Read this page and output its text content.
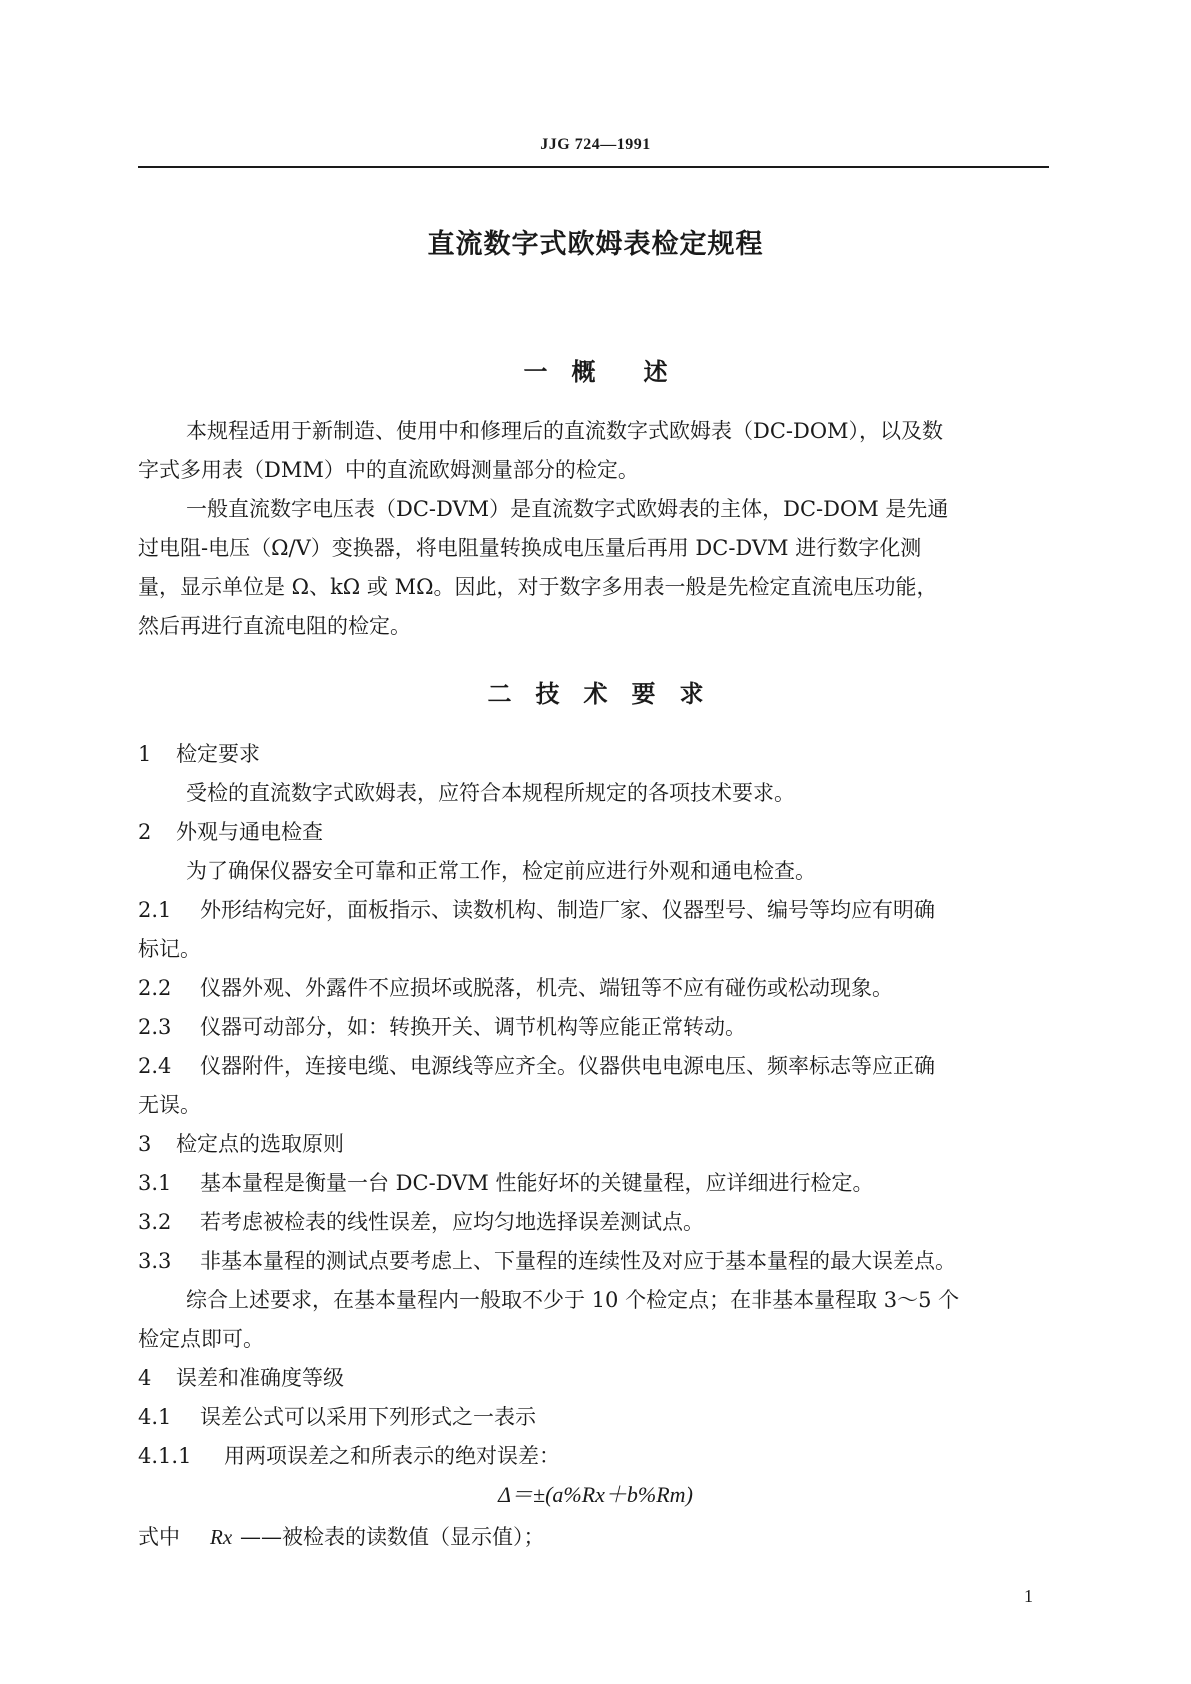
JJG 724—1991
直流数字式欧姆表检定规程
一　概　　述
本规程适用于新制造、使用中和修理后的直流数字式欧姆表（DC-DOM），以及数
字式多用表（DMM）中的直流欧姆测量部分的检定。
一般直流数字电压表（DC-DVM）是直流数字式欧姆表的主体，DC-DOM 是先通
过电阻-电压（Ω/V）变换器，将电阻量转换成电压量后再用 DC-DVM 进行数字化测
量，显示单位是 Ω、kΩ 或 MΩ。因此，对于数字多用表一般是先检定直流电压功能，
然后再进行直流电阻的检定。
二　技　术　要　求
1 检定要求
受检的直流数字式欧姆表，应符合本规程所规定的各项技术要求。
2 外观与通电检查
为了确保仪器安全可靠和正常工作，检定前应进行外观和通电检查。
2.1 外形结构完好，面板指示、读数机构、制造厂家、仪器型号、编号等均应有明确
标记。
2.2 仪器外观、外露件不应损坏或脱落，机壳、端钮等不应有碰伤或松动现象。
2.3 仪器可动部分，如：转换开关、调节机构等应能正常转动。
2.4 仪器附件，连接电缆、电源线等应齐全。仪器供电电源电压、频率标志等应正确
无误。
3 检定点的选取原则
3.1 基本量程是衡量一台 DC-DVM 性能好坏的关键量程，应详细进行检定。
3.2 若考虑被检表的线性误差，应均匀地选择误差测试点。
3.3 非基本量程的测试点要考虑上、下量程的连续性及对应于基本量程的最大误差点。
综合上述要求，在基本量程内一般取不少于 10 个检定点；在非基本量程取 3～5 个
检定点即可。
4 误差和准确度等级
4.1 误差公式可以采用下列形式之一表示
4.1.1 用两项误差之和所表示的绝对误差：
Δ＝±(a%Rx＋b%Rm)
式中 Rx ——被检表的读数值（显示值）；
1
